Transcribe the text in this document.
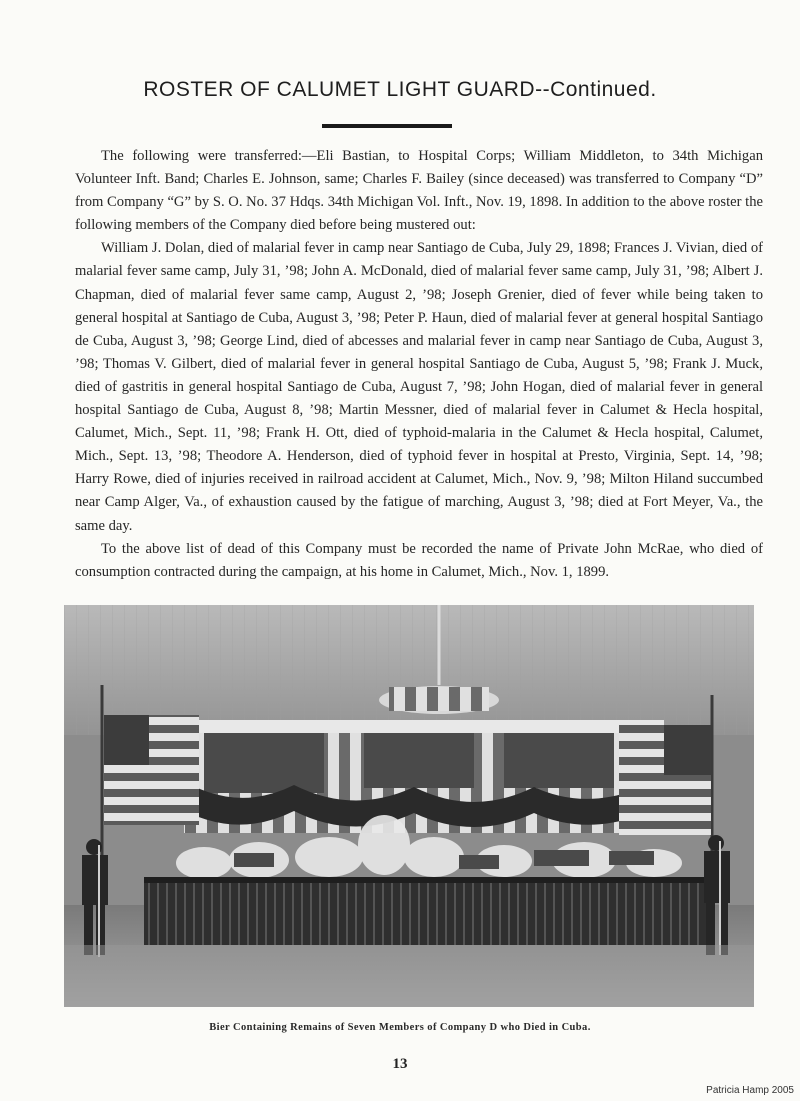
ROSTER OF CALUMET LIGHT GUARD--Continued.

The following were transferred:—Eli Bastian, to Hospital Corps; William Middleton, to 34th Michigan Volunteer Inft. Band; Charles E. Johnson, same; Charles F. Bailey (since deceased) was transferred to Company “D” from Company “G” by S. O. No. 37 Hdqs. 34th Michigan Vol. Inft., Nov. 19, 1898. In addition to the above roster the following members of the Company died before being mustered out:

William J. Dolan, died of malarial fever in camp near Santiago de Cuba, July 29, 1898; Frances J. Vivian, died of malarial fever same camp, July 31, ’98; John A. McDonald, died of malarial fever same camp, July 31, ’98; Albert J. Chapman, died of malarial fever same camp, August 2, ’98; Joseph Grenier, died of fever while being taken to general hospital at Santiago de Cuba, August 3, ’98; Peter P. Haun, died of malarial fever at general hospital Santiago de Cuba, August 3, ’98; George Lind, died of abcesses and malarial fever in camp near Santiago de Cuba, August 3, ’98; Thomas V. Gilbert, died of malarial fever in general hospital Santiago de Cuba, August 5, ’98; Frank J. Muck, died of gastritis in general hospital Santiago de Cuba, August 7, ’98; John Hogan, died of malarial fever in general hospital Santiago de Cuba, August 8, ’98; Martin Messner, died of malarial fever in Calumet & Hecla hospital, Calumet, Mich., Sept. 11, ’98; Frank H. Ott, died of typhoid-malaria in the Calumet & Hecla hospital, Calumet, Mich., Sept. 13, ’98; Theodore A. Henderson, died of typhoid fever in hospital at Presto, Virginia, Sept. 14, ’98; Harry Rowe, died of injuries received in railroad accident at Calumet, Mich., Nov. 9, ’98; Milton Hiland succumbed near Camp Alger, Va., of exhaustion caused by the fatigue of marching, August 3, ’98; died at Fort Meyer, Va., the same day.

To the above list of dead of this Company must be recorded the name of Private John McRae, who died of consumption contracted during the campaign, at his home in Calumet, Mich., Nov. 1, 1899.

Bier Containing Remains of Seven Members of Company D who Died in Cuba.
13
Patricia Hamp 2005
